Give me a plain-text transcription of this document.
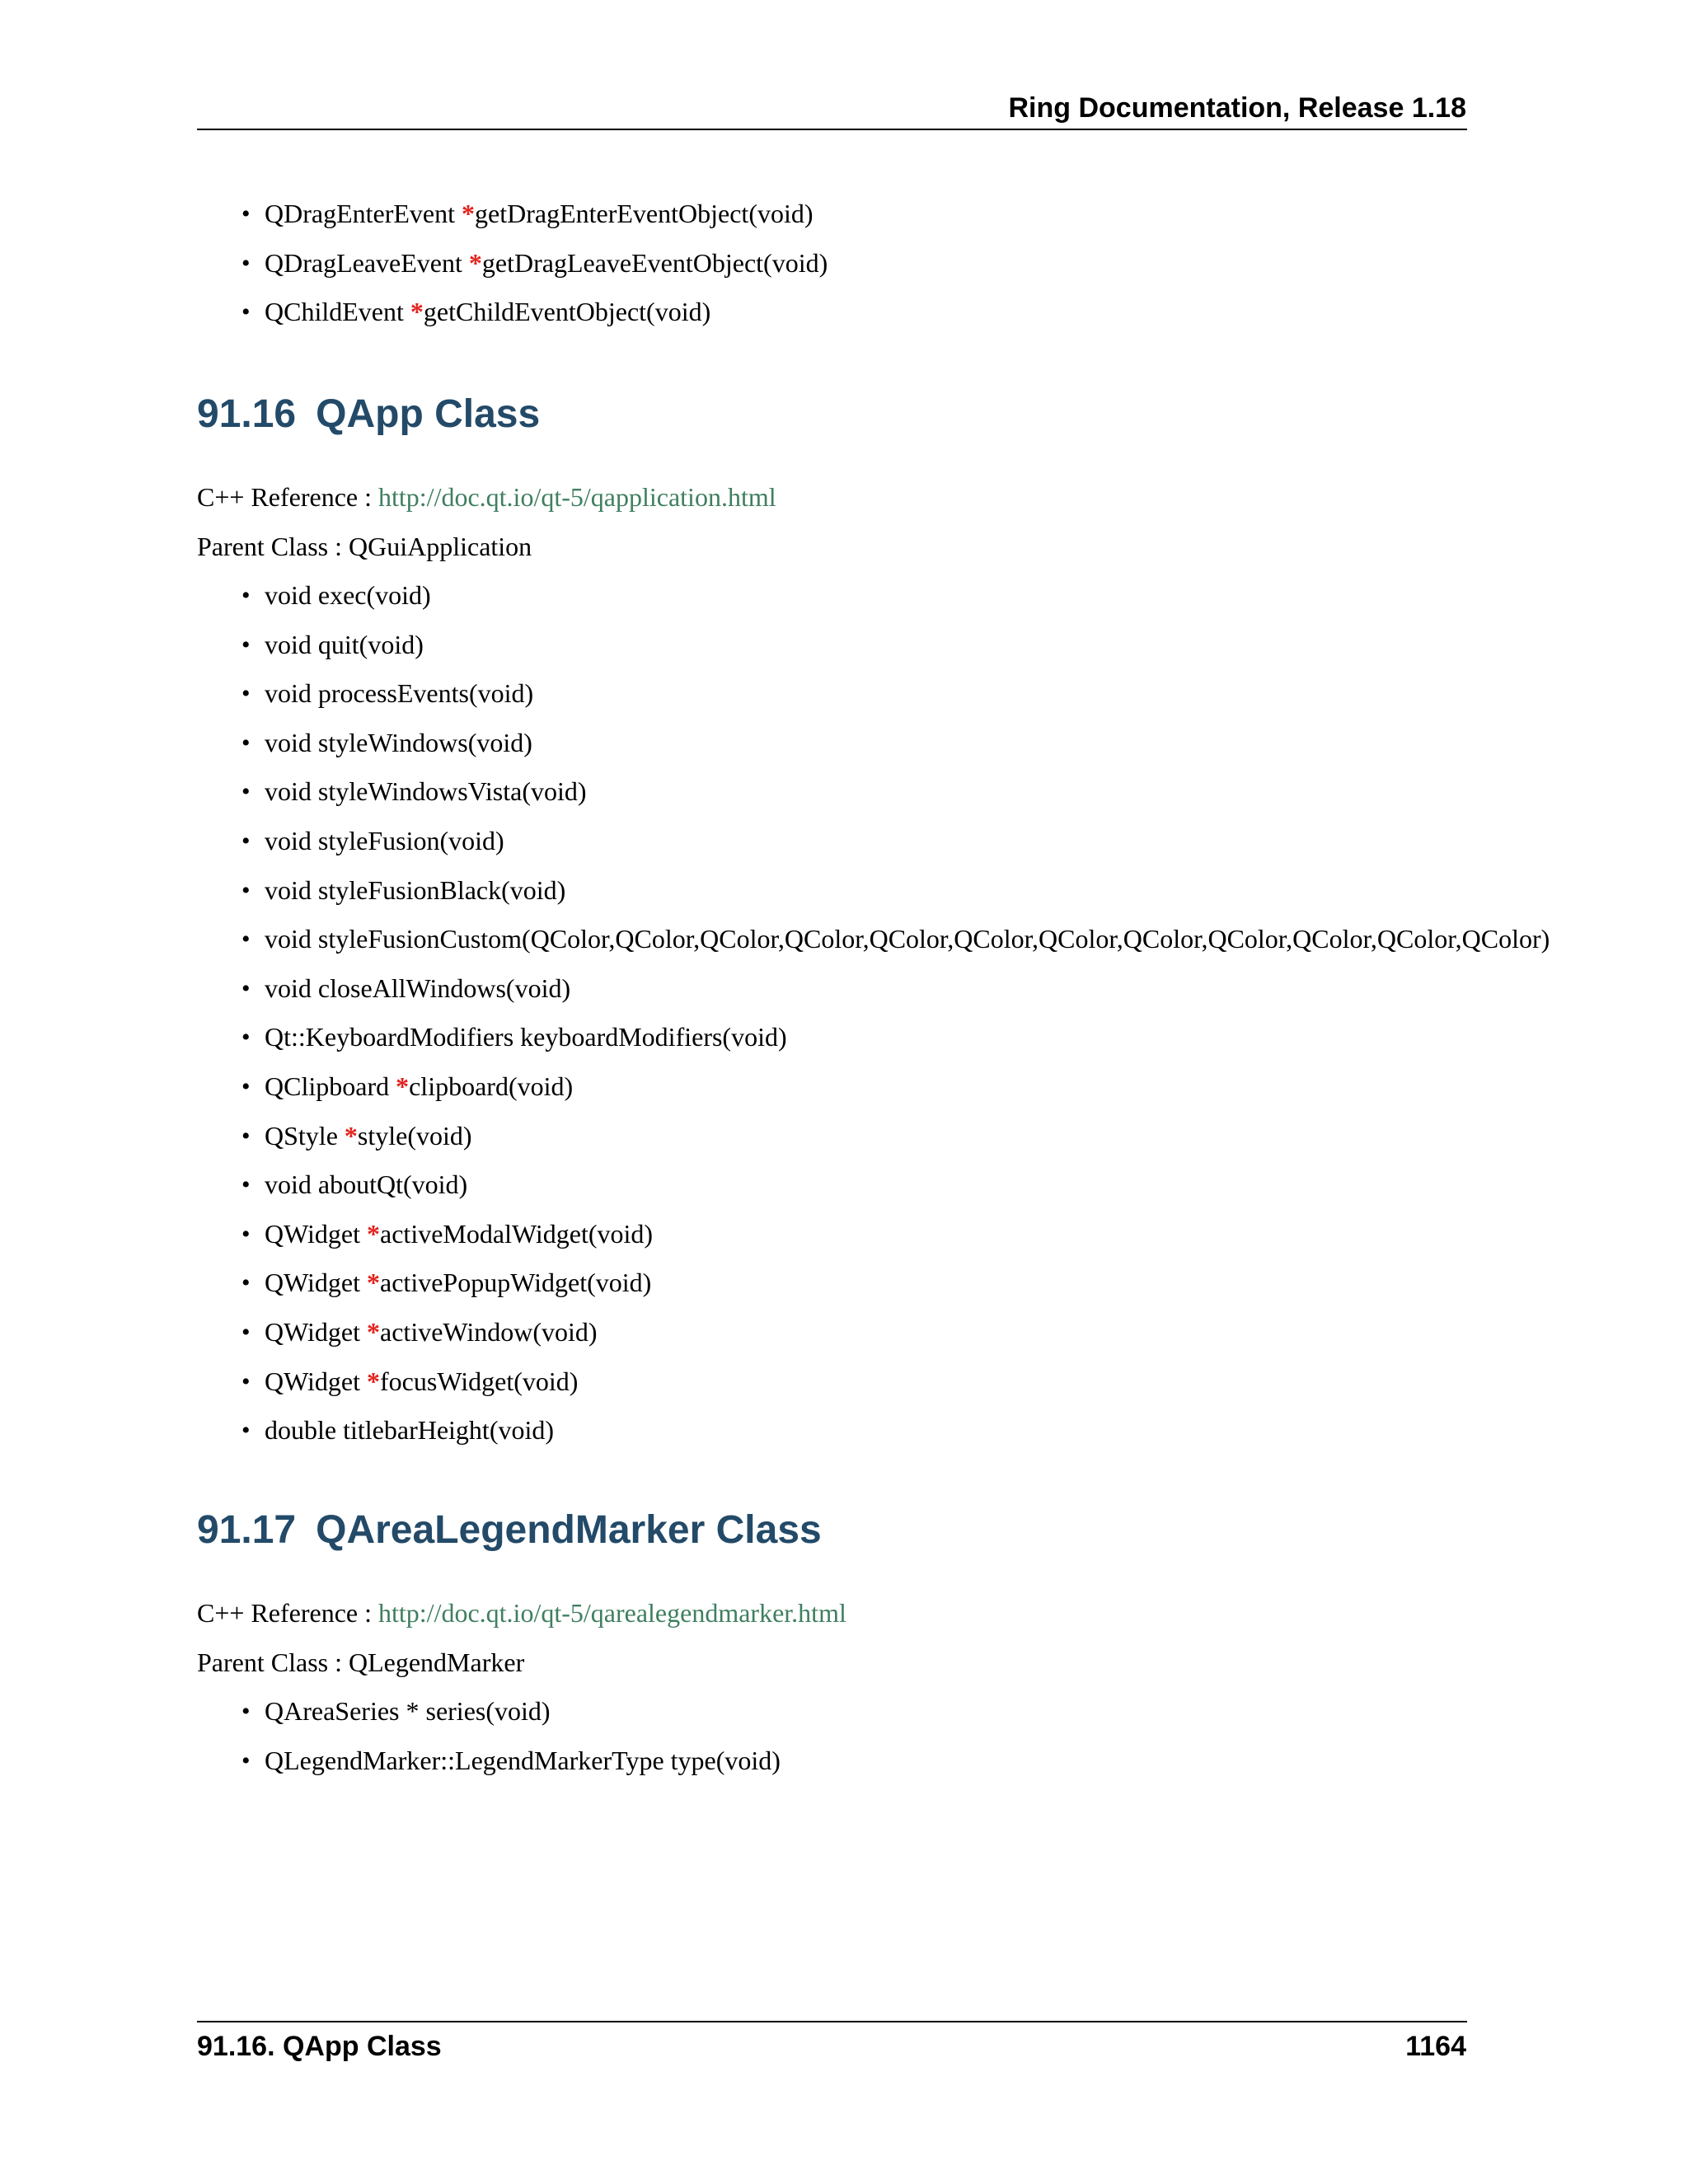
Ring Documentation, Release 1.18
• QDragEnterEvent *getDragEnterEventObject(void)
• QDragLeaveEvent *getDragLeaveEventObject(void)
• QChildEvent *getChildEventObject(void)
91.16 QApp Class

C++ Reference : http://doc.qt.io/qt-5/qapplication.html

Parent Class : QGuiApplication

• void exec(void)
• void quit(void)
• void processEvents(void)
• void styleWindows(void)
• void styleWindowsVista(void)
• void styleFusion(void)
• void styleFusionBlack(void)
• void styleFusionCustom(QColor,QColor,QColor,QColor,QColor,QColor,QColor,QColor,QColor,QColor,QColor,QColor)
• void closeAllWindows(void)
• Qt::KeyboardModifiers keyboardModifiers(void)
• QClipboard *clipboard(void)
• QStyle *style(void)
• void aboutQt(void)
• QWidget *activeModalWidget(void)
• QWidget *activePopupWidget(void)
• QWidget *activeWindow(void)
• QWidget *focusWidget(void)
• double titlebarHeight(void)
91.17 QAreaLegendMarker Class

C++ Reference : http://doc.qt.io/qt-5/qarealegendmarker.html

Parent Class : QLegendMarker

• QAreaSeries * series(void)
• QLegendMarker::LegendMarkerType type(void)
91.16. QApp Class	1164
